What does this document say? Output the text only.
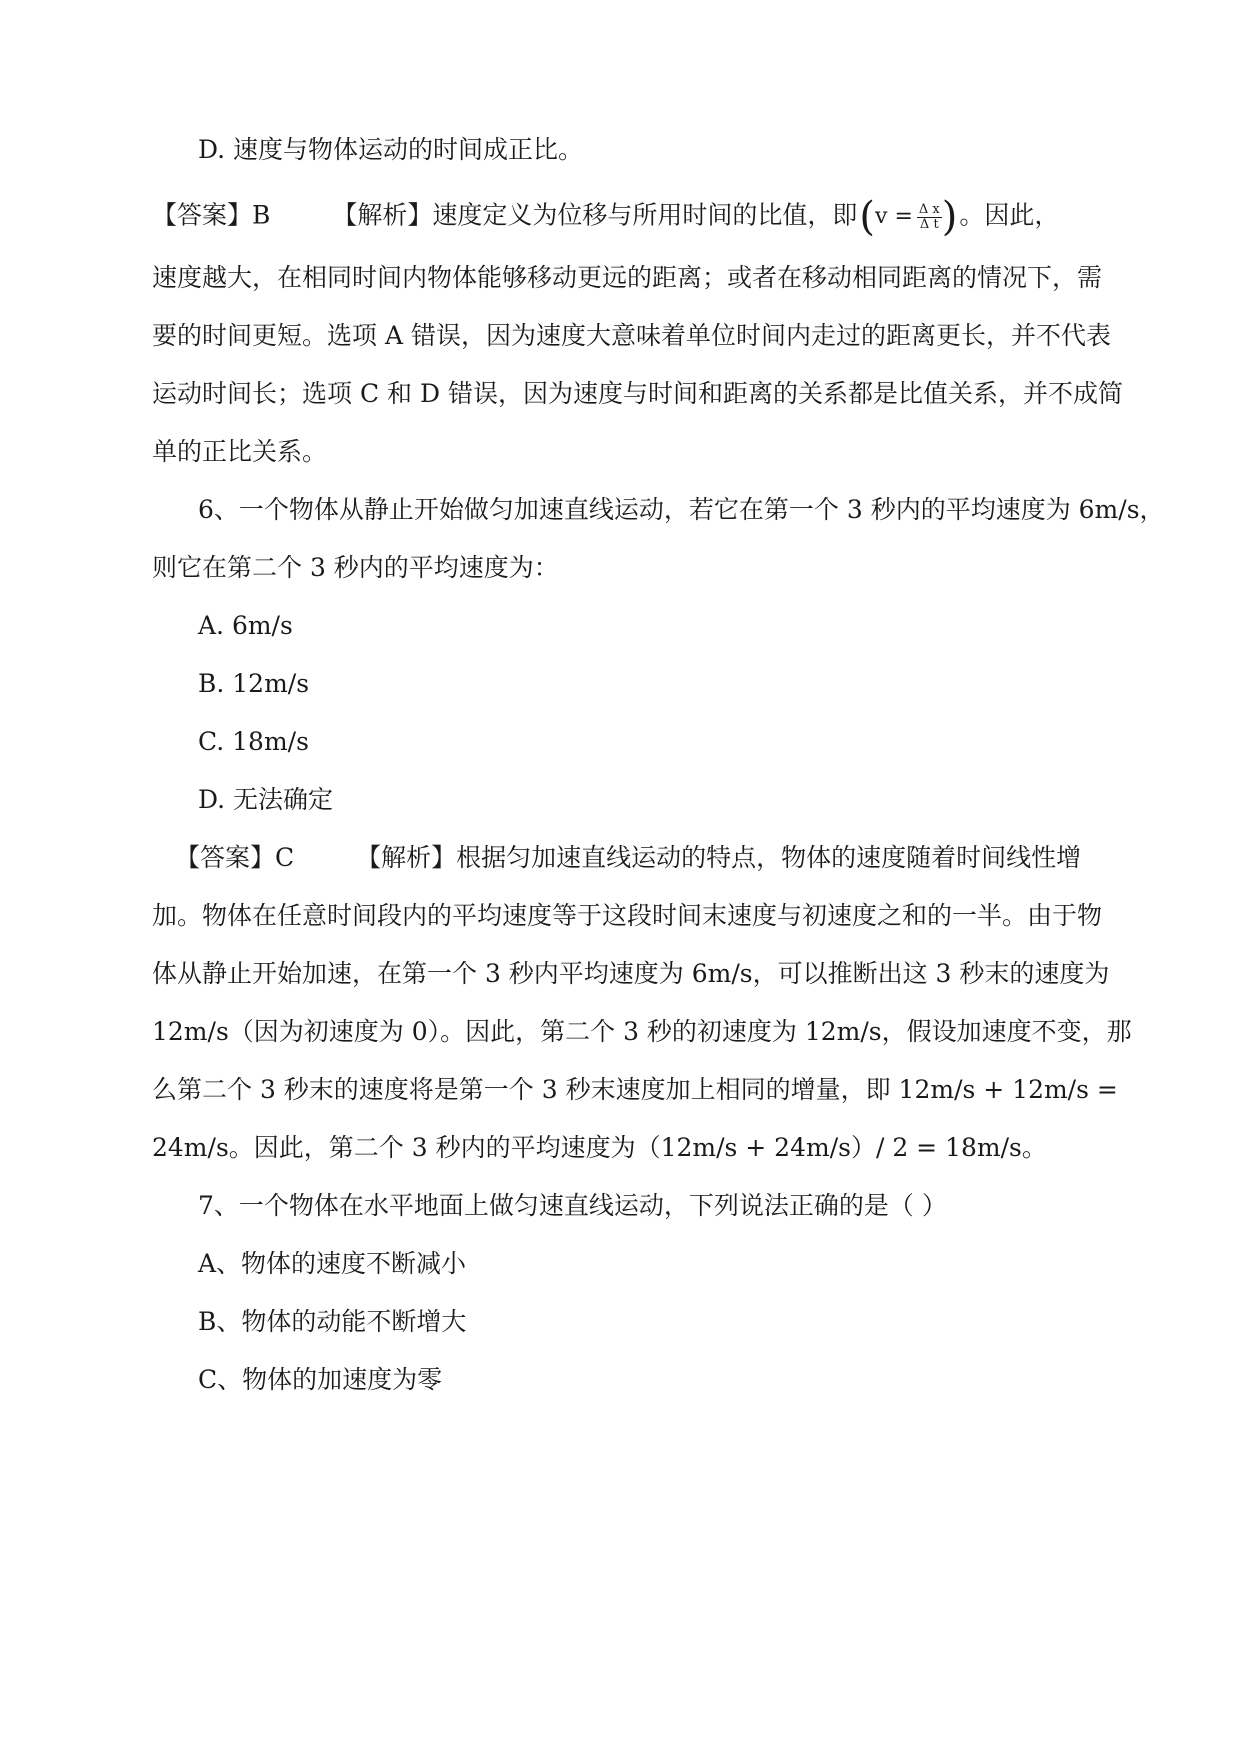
D. 速度与物体运动的时间成正比。
【答案】B 【解析】速度定义为位移与所用时间的比值，即 ( $v = \frac{\text{Δ x}}{\text{Δ t}}$ ) 。因此，
速度越大，在相同时间内物体能够移动更远的距离；或者在移动相同距离的情况下，需
要的时间更短。选项 A 错误，因为速度大意味着单位时间内走过的距离更长，并不代表
运动时间长；选项 C 和 D 错误，因为速度与时间和距离的关系都是比值关系，并不成简
单的正比关系。
6、一个物体从静止开始做匀加速直线运动，若它在第一个 3 秒内的平均速度为 6m/s，
则它在第二个 3 秒内的平均速度为：
A. 6m/s
B. 12m/s
C. 18m/s
D. 无法确定
【答案】C 【解析】根据匀加速直线运动的特点，物体的速度随着时间线性增
加。物体在任意时间段内的平均速度等于这段时间末速度与初速度之和的一半。由于物
体从静止开始加速，在第一个 3 秒内平均速度为 6m/s，可以推断出这 3 秒末的速度为
12m/s（因为初速度为 0）。因此，第二个 3 秒的初速度为 12m/s，假设加速度不变，那
么第二个 3 秒末的速度将是第一个 3 秒末速度加上相同的增量，即 12m/s + 12m/s =
24m/s。因此，第二个 3 秒内的平均速度为（12m/s + 24m/s）/ 2 = 18m/s。
7、一个物体在水平地面上做匀速直线运动，下列说法正确的是（ ）
A、物体的速度不断减小
B、物体的动能不断增大
C、物体的加速度为零
